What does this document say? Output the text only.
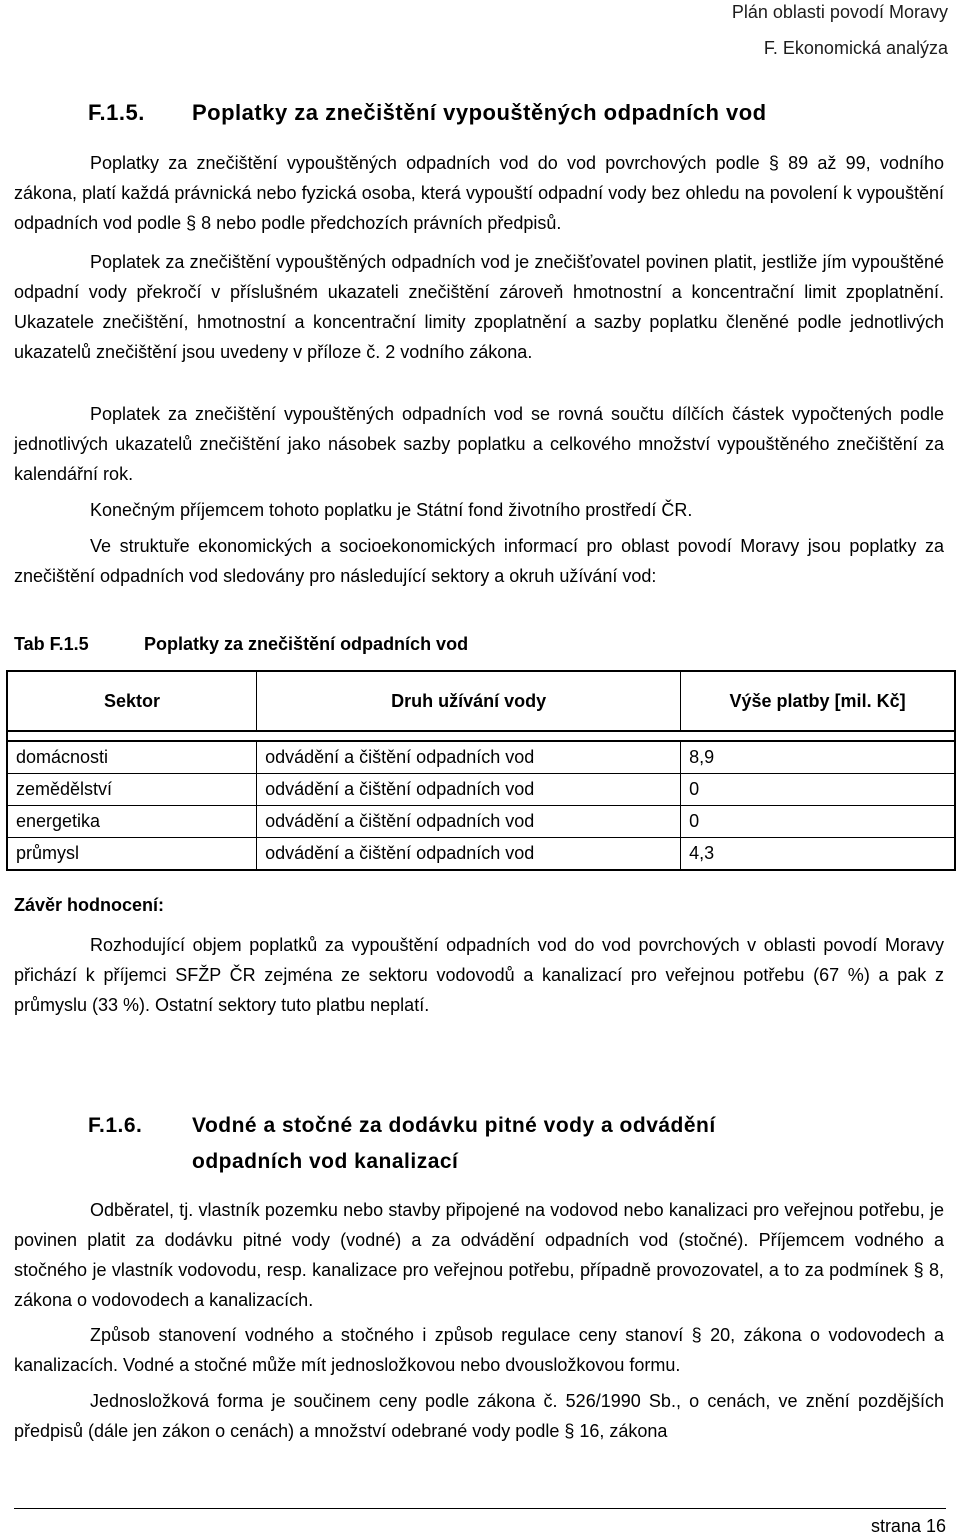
Plán oblasti povodí Moravy
F. Ekonomická analýza
F.1.5. Poplatky za znečištění vypouštěných odpadních vod
Poplatky za znečištění vypouštěných odpadních vod do vod povrchových podle § 89 až 99, vodního zákona, platí každá právnická nebo fyzická osoba, která vypouští odpadní vody bez ohledu na povolení k vypouštění odpadních vod podle § 8 nebo podle předchozích právních předpisů.
Poplatek za znečištění vypouštěných odpadních vod je znečišťovatel povinen platit, jestliže jím vypouštěné odpadní vody překročí v příslušném ukazateli znečištění zároveň hmotnostní a koncentrační limit zpoplatnění. Ukazatele znečištění, hmotnostní a koncentrační limity zpoplatnění a sazby poplatku členěné podle jednotlivých ukazatelů znečištění jsou uvedeny v příloze č. 2 vodního zákona.
Poplatek za znečištění vypouštěných odpadních vod se rovná součtu dílčích částek vypočtených podle jednotlivých ukazatelů znečištění jako násobek sazby poplatku a celkového množství vypouštěného znečištění za kalendářní rok.
Konečným příjemcem tohoto poplatku je Státní fond životního prostředí ČR.
Ve struktuře ekonomických a socioekonomických informací pro oblast povodí Moravy jsou poplatky za znečištění odpadních vod sledovány pro následující sektory a okruh užívání vod:
Tab F.1.5	Poplatky za znečištění odpadních vod
Sektor	Druh užívání vody	Výše platby [mil. Kč]

domácnosti	odvádění a čištění odpadních vod	8,9
zemědělství	odvádění a čištění odpadních vod	0
energetika	odvádění a čištění odpadních vod	0
průmysl	odvádění a čištění odpadních vod	4,3
Závěr hodnocení:
Rozhodující objem poplatků za vypouštění odpadních vod do vod povrchových v oblasti povodí Moravy přichází k příjemci SFŽP ČR zejména ze sektoru vodovodů a kanalizací pro veřejnou potřebu (67 %) a pak z průmyslu (33 %). Ostatní sektory tuto platbu neplatí.
F.1.6. Vodné a stočné za dodávku pitné vody a odvádění
odpadních vod kanalizací
Odběratel, tj. vlastník pozemku nebo stavby připojené na vodovod nebo kanalizaci pro veřejnou potřebu, je povinen platit za dodávku pitné vody (vodné) a za odvádění odpadních vod (stočné). Příjemcem vodného a stočného je vlastník vodovodu, resp. kanalizace pro veřejnou potřebu, případně provozovatel, a to za podmínek § 8, zákona o vodovodech a kanalizacích.
Způsob stanovení vodného a stočného i způsob regulace ceny stanoví § 20, zákona o vodovodech a kanalizacích. Vodné a stočné může mít jednosložkovou nebo dvousložkovou formu.
Jednosložková forma je součinem ceny podle zákona č. 526/1990 Sb., o cenách, ve znění pozdějších předpisů (dále jen zákon o cenách) a množství odebrané vody podle § 16, zákona
strana 16
